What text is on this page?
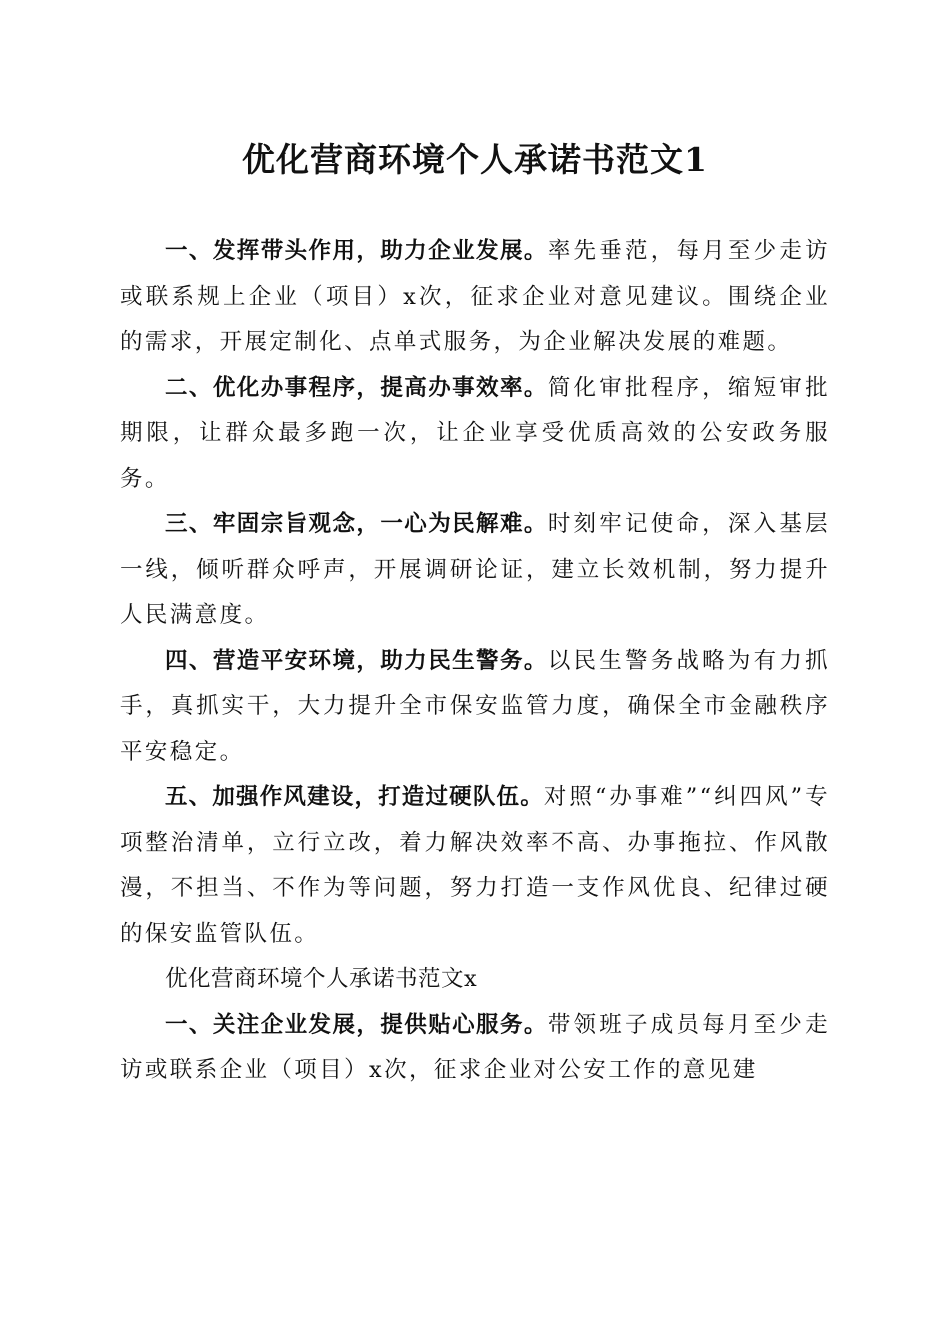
优化营商环境个人承诺书范文1

一、发挥带头作用，助力企业发展。率先垂范，每月至少走访或联系规上企业（项目）x次，征求企业对意见建议。围绕企业的需求，开展定制化、点单式服务，为企业解决发展的难题。

二、优化办事程序，提高办事效率。简化审批程序，缩短审批期限，让群众最多跑一次，让企业享受优质高效的公安政务服务。

三、牢固宗旨观念，一心为民解难。时刻牢记使命，深入基层一线，倾听群众呼声，开展调研论证，建立长效机制，努力提升人民满意度。

四、营造平安环境，助力民生警务。以民生警务战略为有力抓手，真抓实干，大力提升全市保安监管力度，确保全市金融秩序平安稳定。

五、加强作风建设，打造过硬队伍。对照“办事难”“纠四风”专项整治清单，立行立改，着力解决效率不高、办事拖拉、作风散漫，不担当、不作为等问题，努力打造一支作风优良、纪律过硬的保安监管队伍。

优化营商环境个人承诺书范文x

一、关注企业发展，提供贴心服务。带领班子成员每月至少走访或联系企业（项目）x次，征求企业对公安工作的意见建
